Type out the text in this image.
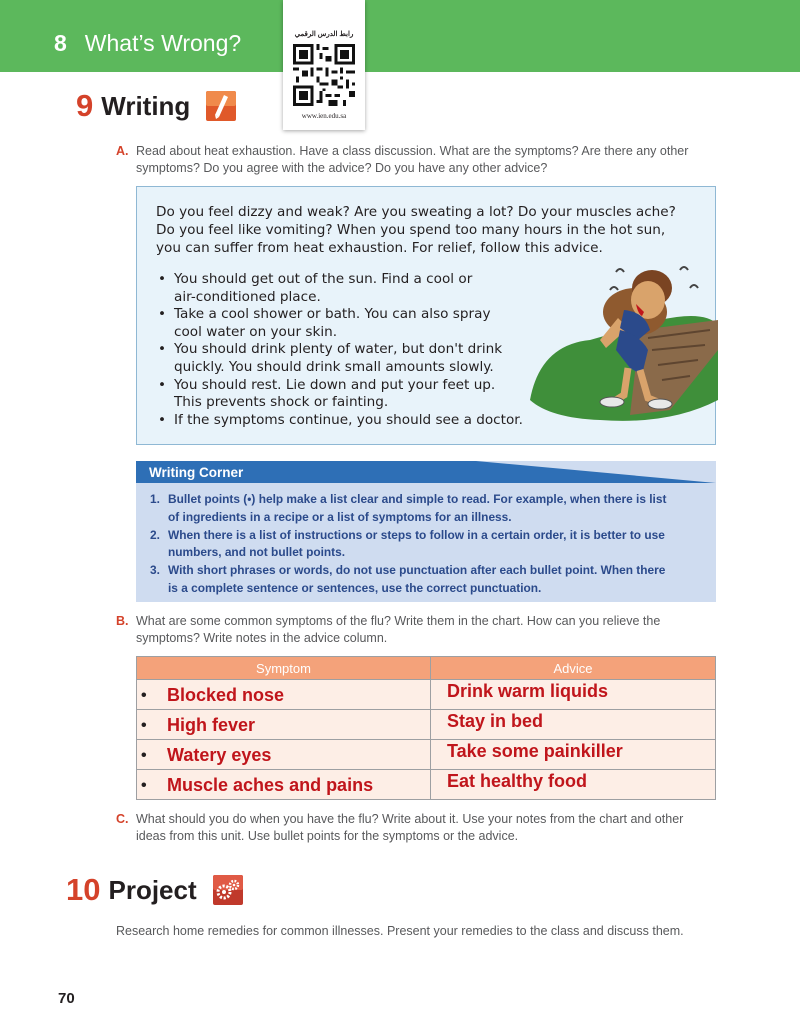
8 What’s Wrong?	رابط الدرس الرقمي
www.ien.edu.sa
9 Writing
A. Read about heat exhaustion. Have a class discussion. What are the symptoms? Are there any other
symptoms? Do you agree with the advice? Do you have any other advice?
Do you feel dizzy and weak? Are you sweating a lot? Do your muscles ache?
Do you feel like vomiting? When you spend too many hours in the hot sun,
you can suffer from heat exhaustion. For relief, follow this advice.
• You should get out of the sun. Find a cool or
air-conditioned place.
• Take a cool shower or bath. You can also spray
cool water on your skin.
• You should drink plenty of water, but don't drink
quickly. You should drink small amounts slowly.
• You should rest. Lie down and put your feet up.
This prevents shock or fainting.
• If the symptoms continue, you should see a doctor.
Writing Corner
1. Bullet points (•) help make a list clear and simple to read. For example, when there is list
of ingredients in a recipe or a list of symptoms for an illness.
2. When there is a list of instructions or steps to follow in a certain order, it is better to use
numbers, and not bullet points.
3. With short phrases or words, do not use punctuation after each bullet point. When there
is a complete sentence or sentences, use the correct punctuation.
B. What are some common symptoms of the flu? Write them in the chart. How can you relieve the
symptoms? Write notes in the advice column.
Symptom	Advice
• Blocked nose	Drink warm liquids
• High fever	Stay in bed
• Watery eyes	Take some painkiller
• Muscle aches and pains	Eat healthy food
C. What should you do when you have the flu? Write about it. Use your notes from the chart and other
ideas from this unit. Use bullet points for the symptoms or the advice.
10 Project
Research home remedies for common illnesses. Present your remedies to the class and discuss them.
70
